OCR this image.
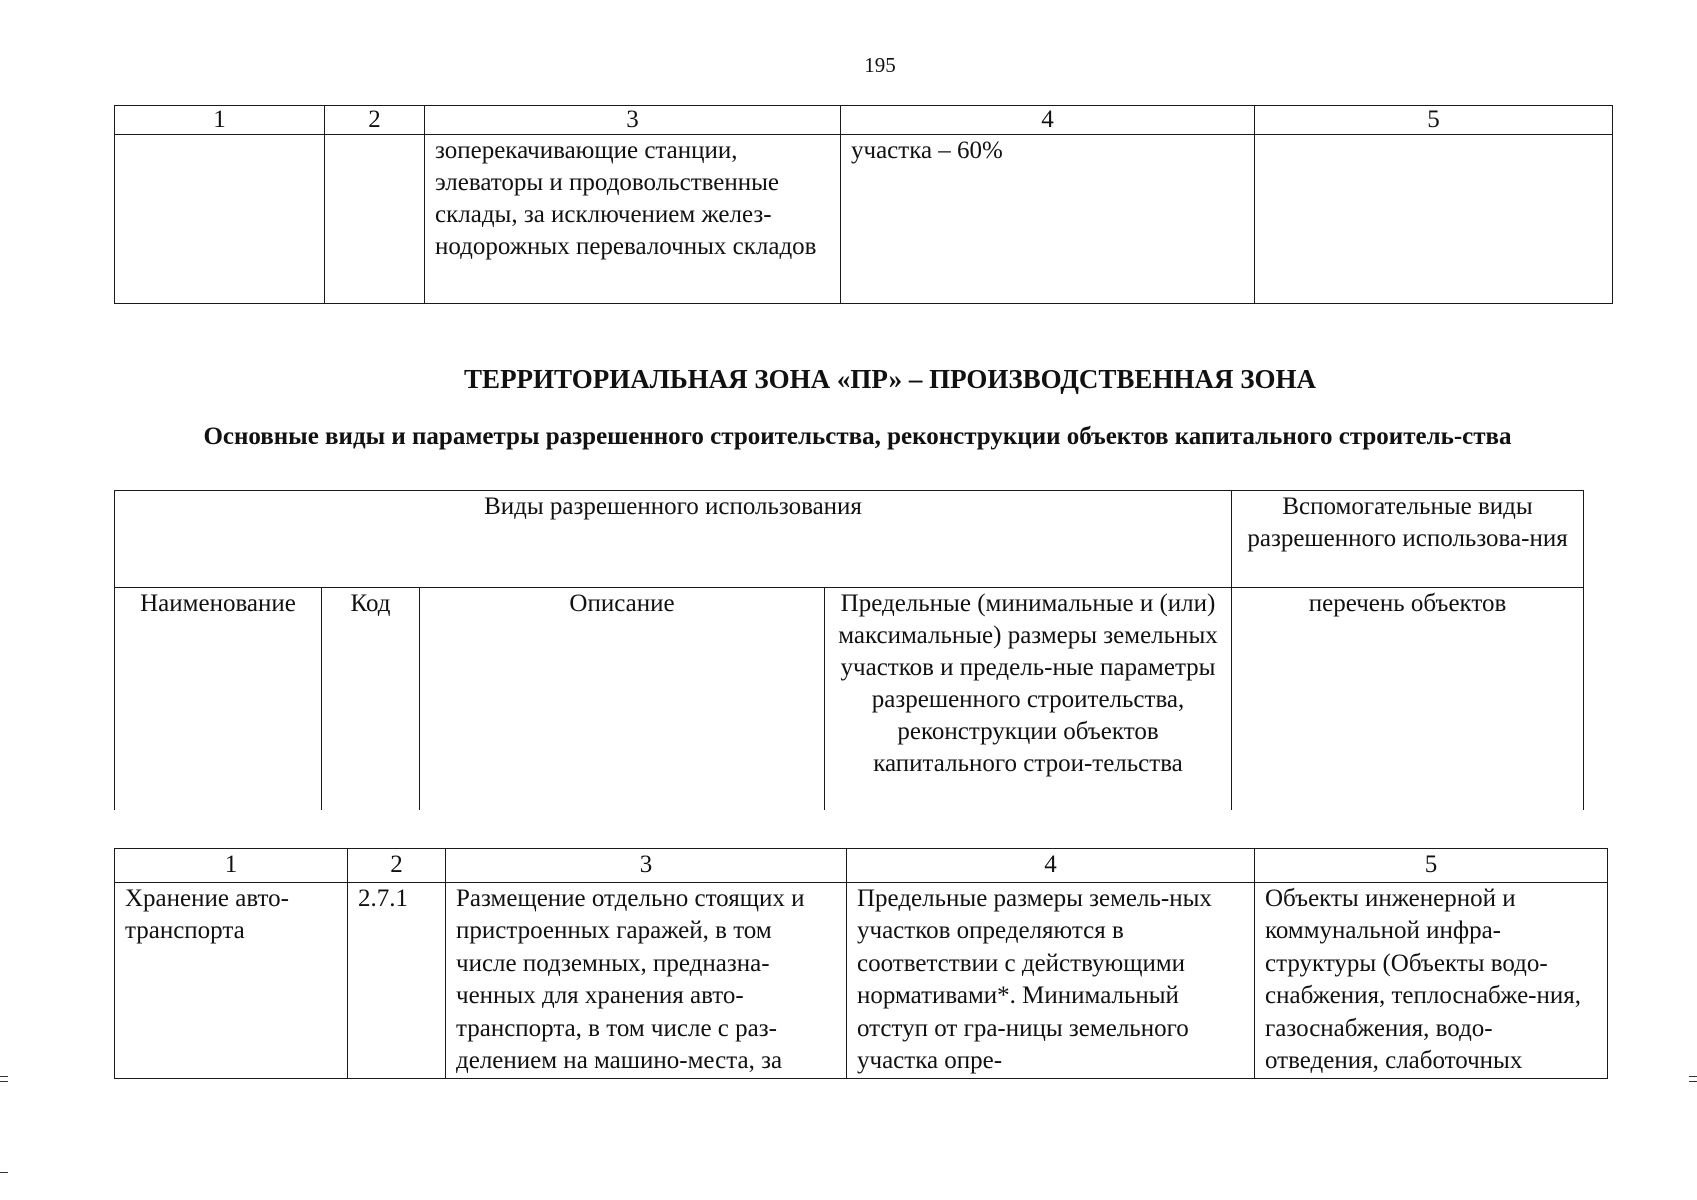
195
1	2	3	4	5
		зоперекачивающие станции, элеваторы и продовольственные склады, за исключением желез-нодорожных перевалочных складов	участка – 60%	
ТЕРРИТОРИАЛЬНАЯ ЗОНА «ПР» – ПРОИЗВОДСТВЕННАЯ ЗОНА
Основные виды и параметры разрешенного строительства, реконструкции объектов капитального строитель-ства
Виды разрешенного использования				Вспомогательные виды разрешенного использова-ния
Наименование	Код	Описание	Предельные (минимальные и (или) максимальные) размеры земельных участков и предель-ные параметры разрешенного строительства, реконструкции объектов капитального строи-тельства	перечень объектов
1	2	3	4	5
Хранение авто-транспорта	2.7.1	Размещение отдельно стоящих и пристроенных гаражей, в том числе подземных, предназна-ченных для хранения авто-транспорта, в том числе с раз-делением на машино-места, за	Предельные размеры земель-ных участков определяются в соответствии с действующими нормативами*. Минимальный отступ от гра-ницы земельного участка опре-	Объекты инженерной и коммунальной инфра-структуры (Объекты водо-снабжения, теплоснабже-ния, газоснабжения, водо-отведения, слаботочных
